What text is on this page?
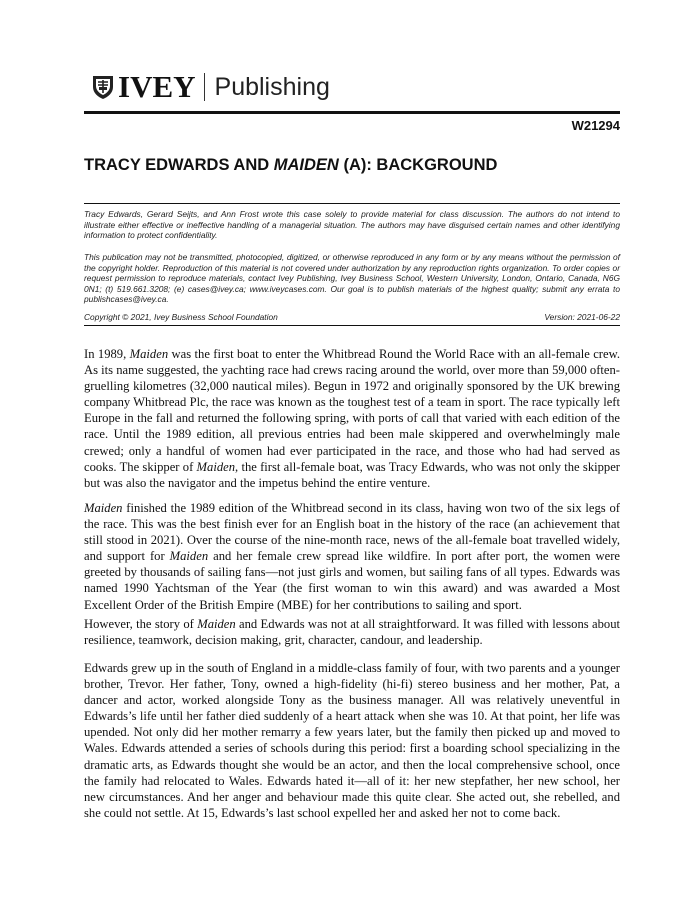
IVEY Publishing
W21294
TRACY EDWARDS AND MAIDEN (A): BACKGROUND

Tracy Edwards, Gerard Seijts, and Ann Frost wrote this case solely to provide material for class discussion. The authors do not intend to illustrate either effective or ineffective handling of a managerial situation. The authors may have disguised certain names and other identifying information to protect confidentiality.

This publication may not be transmitted, photocopied, digitized, or otherwise reproduced in any form or by any means without the permission of the copyright holder. Reproduction of this material is not covered under authorization by any reproduction rights organization. To order copies or request permission to reproduce materials, contact Ivey Publishing, Ivey Business School, Western University, London, Ontario, Canada, N6G 0N1; (t) 519.661.3208; (e) cases@ivey.ca; www.iveycases.com. Our goal is to publish materials of the highest quality; submit any errata to publishcases@ivey.ca.

Copyright © 2021, Ivey Business School Foundation	Version: 2021-06-22

In 1989, Maiden was the first boat to enter the Whitbread Round the World Race with an all-female crew. As its name suggested, the yachting race had crews racing around the world, over more than 59,000 often-gruelling kilometres (32,000 nautical miles). Begun in 1972 and originally sponsored by the UK brewing company Whitbread Plc, the race was known as the toughest test of a team in sport. The race typically left Europe in the fall and returned the following spring, with ports of call that varied with each edition of the race. Until the 1989 edition, all previous entries had been male skippered and overwhelmingly male crewed; only a handful of women had ever participated in the race, and those who had had served as cooks. The skipper of Maiden, the first all-female boat, was Tracy Edwards, who was not only the skipper but was also the navigator and the impetus behind the entire venture.

Maiden finished the 1989 edition of the Whitbread second in its class, having won two of the six legs of the race. This was the best finish ever for an English boat in the history of the race (an achievement that still stood in 2021). Over the course of the nine-month race, news of the all-female boat travelled widely, and support for Maiden and her female crew spread like wildfire. In port after port, the women were greeted by thousands of sailing fans—not just girls and women, but sailing fans of all types. Edwards was named 1990 Yachtsman of the Year (the first woman to win this award) and was awarded a Most Excellent Order of the British Empire (MBE) for her contributions to sailing and sport.

However, the story of Maiden and Edwards was not at all straightforward. It was filled with lessons about resilience, teamwork, decision making, grit, character, candour, and leadership.

Edwards grew up in the south of England in a middle-class family of four, with two parents and a younger brother, Trevor. Her father, Tony, owned a high-fidelity (hi-fi) stereo business and her mother, Pat, a dancer and actor, worked alongside Tony as the business manager. All was relatively uneventful in Edwards’s life until her father died suddenly of a heart attack when she was 10. At that point, her life was upended. Not only did her mother remarry a few years later, but the family then picked up and moved to Wales. Edwards attended a series of schools during this period: first a boarding school specializing in the dramatic arts, as Edwards thought she would be an actor, and then the local comprehensive school, once the family had relocated to Wales. Edwards hated it—all of it: her new stepfather, her new school, her new circumstances. And her anger and behaviour made this quite clear. She acted out, she rebelled, and she could not settle. At 15, Edwards’s last school expelled her and asked her not to come back.
